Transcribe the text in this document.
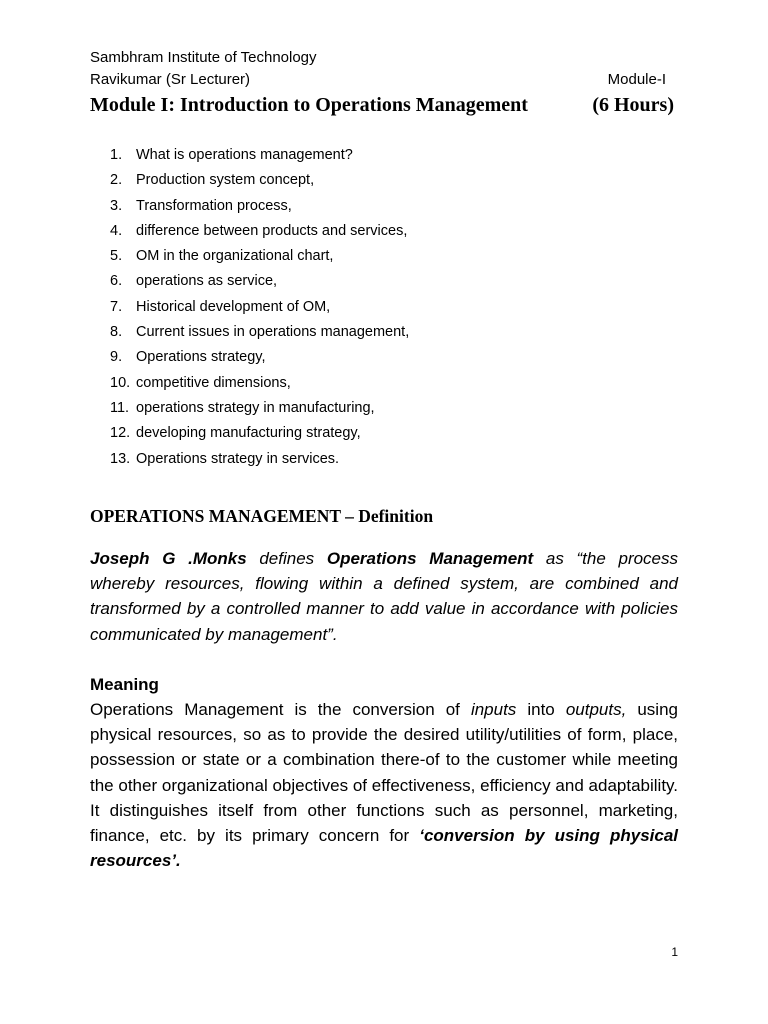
Sambhram Institute of Technology
Ravikumar (Sr Lecturer)	Module-I
Module I: Introduction to Operations Management	(6 Hours)
1. What is operations management?
2. Production system concept,
3. Transformation process,
4. difference between products and services,
5. OM in the organizational chart,
6. operations as service,
7. Historical development of OM,
8. Current issues in operations management,
9. Operations strategy,
10. competitive dimensions,
11. operations strategy in manufacturing,
12. developing manufacturing strategy,
13. Operations strategy in services.
OPERATIONS MANAGEMENT – Definition

Joseph G .Monks defines Operations Management as “the process whereby resources, flowing within a defined system, are combined and transformed by a controlled manner to add value in accordance with policies communicated by management”.

Meaning

Operations Management is the conversion of inputs into outputs, using physical resources, so as to provide the desired utility/utilities of form, place, possession or state or a combination there-of to the customer while meeting the other organizational objectives of effectiveness, efficiency and adaptability. It distinguishes itself from other functions such as personnel, marketing, finance, etc. by its primary concern for ‘conversion by using physical resources’.

1
